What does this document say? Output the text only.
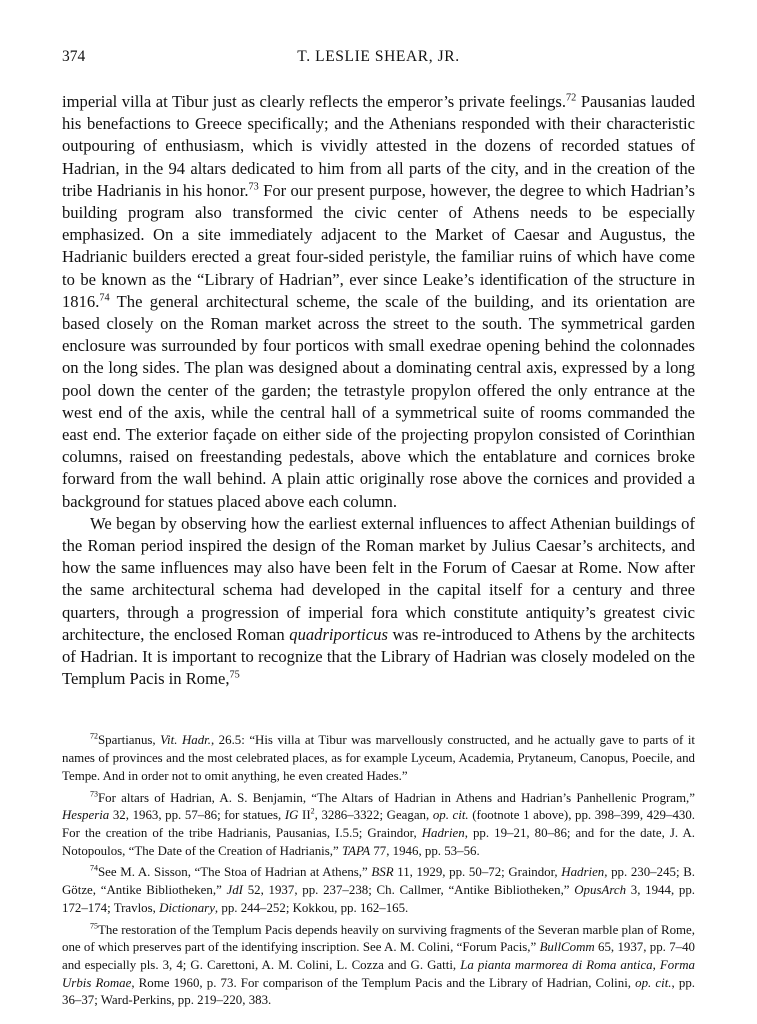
374	T. LESLIE SHEAR, JR.

imperial villa at Tibur just as clearly reflects the emperor’s private feelings.$^{72}$ Pausanias lauded his benefactions to Greece specifically; and the Athenians responded with their characteristic outpouring of enthusiasm, which is vividly attested in the dozens of recorded statues of Hadrian, in the 94 altars dedicated to him from all parts of the city, and in the creation of the tribe Hadrianis in his honor.$^{73}$ For our present purpose, however, the degree to which Hadrian’s building program also transformed the civic center of Athens needs to be especially emphasized. On a site immediately adjacent to the Market of Caesar and Augustus, the Hadrianic builders erected a great four-sided peristyle, the familiar ruins of which have come to be known as the “Library of Hadrian”, ever since Leake’s identification of the structure in 1816.74 The general architectural scheme, the scale of the building, and its orientation are based closely on the Roman market across the street to the south. The symmetrical garden enclosure was surrounded by four porticos with small exedrae opening behind the colonnades on the long sides. The plan was designed about a dominating central axis, expressed by a long pool down the center of the garden; the tetrastyle propylon offered the only entrance at the west end of the axis, while the central hall of a symmetrical suite of rooms commanded the east end. The exterior façade on either side of the projecting propylon consisted of Corinthian columns, raised on freestanding pedestals, above which the entablature and cornices broke forward from the wall behind. A plain attic originally rose above the cornices and provided a background for statues placed above each column.

We began by observing how the earliest external influences to affect Athenian buildings of the Roman period inspired the design of the Roman market by Julius Caesar’s architects, and how the same influences may also have been felt in the Forum of Caesar at Rome. Now after the same architectural schema had developed in the capital itself for a century and three quarters, through a progression of imperial fora which constitute antiquity’s greatest civic architecture, the enclosed Roman quadriporticus was re-introduced to Athens by the architects of Hadrian. It is important to recognize that the Library of Hadrian was closely modeled on the Templum Pacis in Rome,$^{75}$

$^{72}$Spartianus, Vit. Hadr., 26.5: “His villa at Tibur was marvellously constructed, and he actually gave to parts of it names of provinces and the most celebrated places, as for example Lyceum, Academia, Prytaneum, Canopus, Poecile, and Tempe. And in order not to omit anything, he even created Hades.”

$^{73}$For altars of Hadrian, A. S. Benjamin, “The Altars of Hadrian in Athens and Hadrian’s Panhellenic Program,” Hesperia 32, 1963, pp. 57–86; for statues, IG $II^2$, 3286–3322; Geagan, op. cit. (footnote 1 above), pp. 398–399, 429–430. For the creation of the tribe Hadrianis, Pausanias, I.5.5; Graindor, Hadrien, pp. 19–21, 80–86; and for the date, J. A. Notopoulos, “The Date of the Creation of Hadrianis,” TAPA 77, 1946, pp. 53–56.

$^{74}$See M. A. Sisson, “The Stoa of Hadrian at Athens,” BSR 11, 1929, pp. 50–72; Graindor, Hadrien, pp. 230–245; B. Götze, “Antike Bibliotheken,” JdI 52, 1937, pp. 237–238; Ch. Callmer, “Antike Bibliotheken,” OpusArch 3, 1944, pp. 172–174; Travlos, Dictionary, pp. 244–252; Kokkou, pp. 162–165.

$^{75}$The restoration of the Templum Pacis depends heavily on surviving fragments of the Severan marble plan of Rome, one of which preserves part of the identifying inscription. See A. M. Colini, “Forum Pacis,” BullComm 65, 1937, pp. 7–40 and especially pls. 3, 4; G. Carettoni, A. M. Colini, L. Cozza and G. Gatti, La pianta marmorea di Roma antica, Forma Urbis Romae, Rome 1960, p. 73. For comparison of the Templum Pacis and the Library of Hadrian, Colini, op. cit., pp. 36–37; Ward-Perkins, pp. 219–220, 383.
